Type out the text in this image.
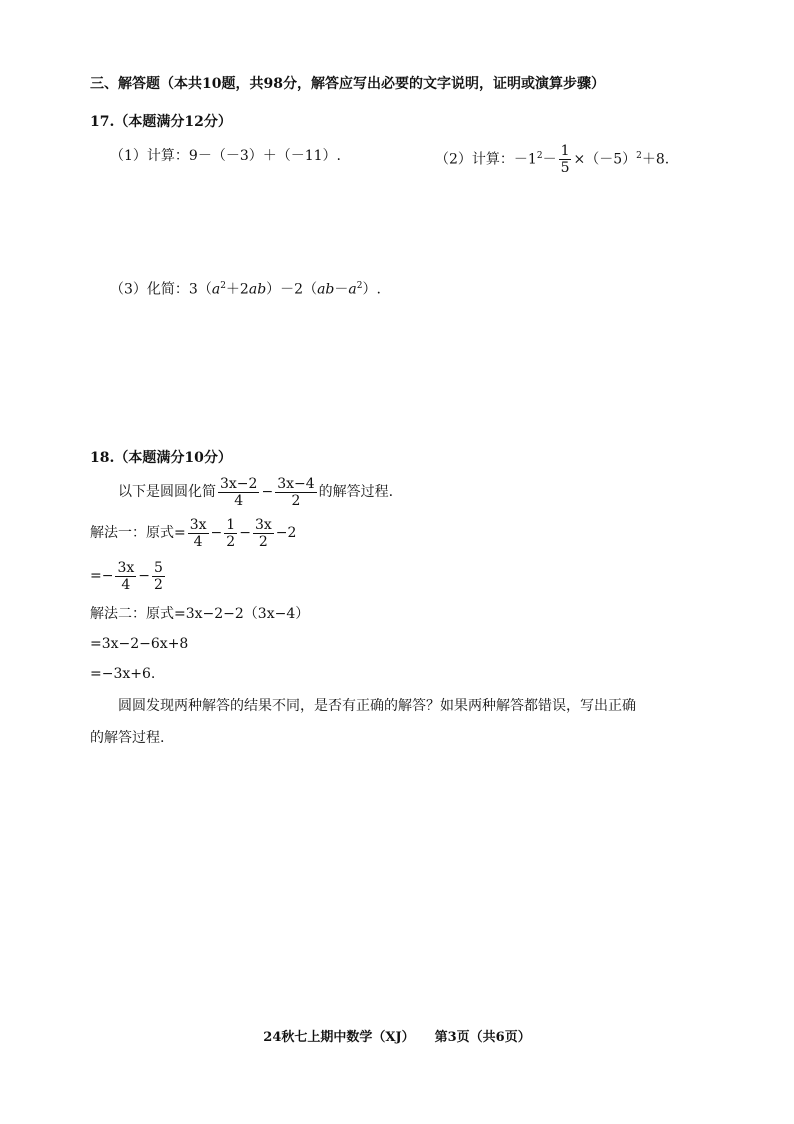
三、解答题（本共10题，共98分，解答应写出必要的文字说明，证明或演算步骤）
17.（本题满分12分）
（1）计算：9－（－3）＋（－11）.	（2）计算：$-1^2- \frac{1}{5} \times(-5)^2+8$.
（3）化简：$3(a^2+2ab)-2(ab-a^2)$.
18.（本题满分10分）
以下是圆圆化简 $\frac{3x-2}{4} - \frac{3x-4}{2}$ 的解答过程.
解法一：原式= $\frac{3x}{4} - \frac{1}{2} - \frac{3x}{2} -2$
=− $\frac{3x}{4} - \frac{5}{2}$
解法二：原式=3x−2−2（3x−4）
=3x−2−6x+8
=−3x+6.
圆圆发现两种解答的结果不同，是否有正确的解答？如果两种解答都错误，写出正确
的解答过程.
24秋七上期中数学（XJ） 第3页（共6页）
